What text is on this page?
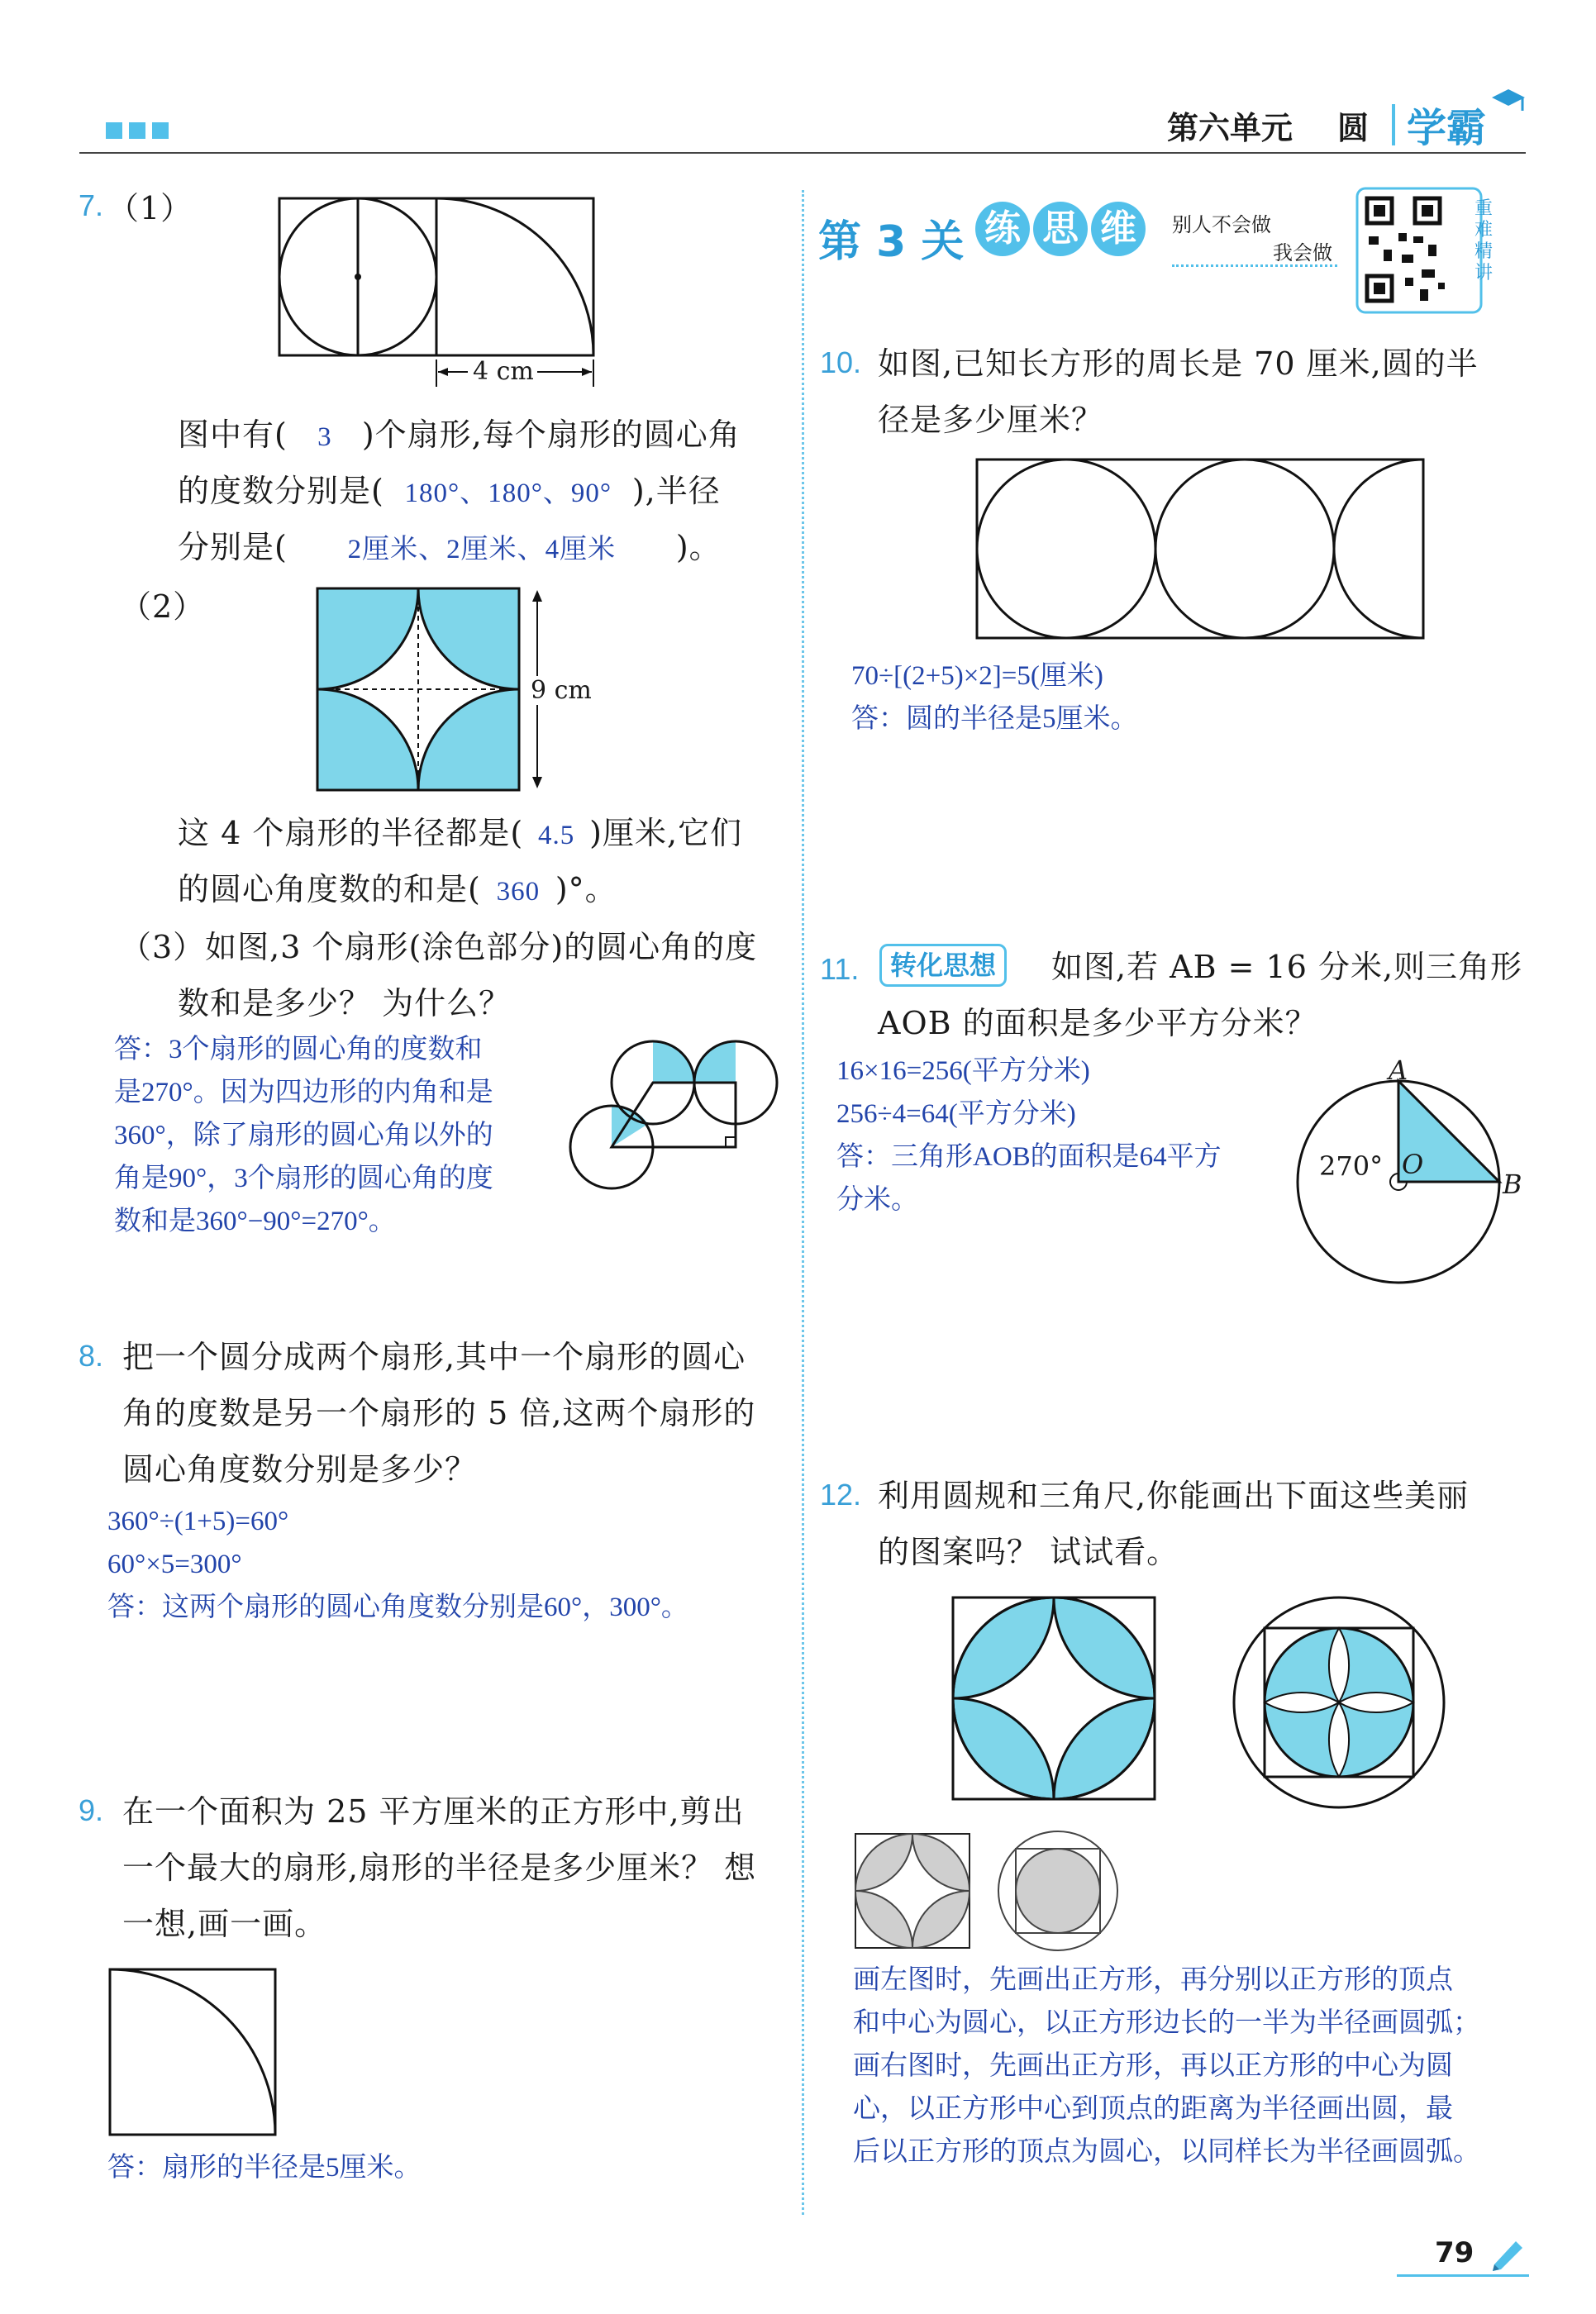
第六单元 圆 学霸
7. （1）
4 cm
图中有( 3 )个扇形,每个扇形的圆心角
的度数分别是( 180°、180°、90° ),半径
分别是( 2厘米、2厘米、4厘米 )。
（2）
9 cm
这 4 个扇形的半径都是( 4.5 )厘米,它们
的圆心角度数的和是( 360 )°。
（3）如图,3 个扇形(涂色部分)的圆心角的度
数和是多少？ 为什么？
答：3个扇形的圆心角的度数和
是270°。因为四边形的内角和是
360°，除了扇形的圆心角以外的
角是90°，3个扇形的圆心角的度
数和是360°−90°=270°。
8. 把一个圆分成两个扇形,其中一个扇形的圆心
角的度数是另一个扇形的 5 倍,这两个扇形的
圆心角度数分别是多少？
360°÷(1+5)=60°
60°×5=300°
答：这两个扇形的圆心角度数分别是60°，300°。
9. 在一个面积为 25 平方厘米的正方形中,剪出
一个最大的扇形,扇形的半径是多少厘米？ 想
一想,画一画。
答：扇形的半径是5厘米。
第 3 关 练 思 维	别人不会做
我会做
重难精讲
10. 如图,已知长方形的周长是 70 厘米,圆的半
径是多少厘米？
70÷[(2+5)×2]=5(厘米)
答：圆的半径是5厘米。
11.	转化思想	如图,若 AB = 16 分米,则三角形
AOB 的面积是多少平方分米？
16×16=256(平方分米)
256÷4=64(平方分米)
答：三角形AOB的面积是64平方
分米。
A
O
B
270°
12. 利用圆规和三角尺,你能画出下面这些美丽
的图案吗？ 试试看。
画左图时，先画出正方形，再分别以正方形的顶点
和中心为圆心，以正方形边长的一半为半径画圆弧；
画右图时，先画出正方形，再以正方形的中心为圆
心，以正方形中心到顶点的距离为半径画出圆，最
后以正方形的顶点为圆心，以同样长为半径画圆弧。
79
